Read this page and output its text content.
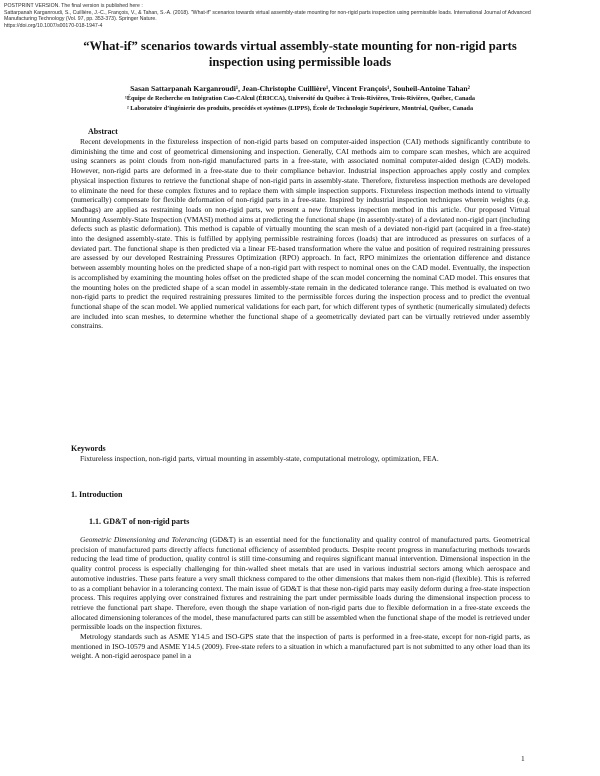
POSTPRINT VERSION. The final version is published here :
Sattarpanah Karganroudi, S., Cuillière, J.-C., François, V., & Tahan, S.-A. (2018). "What-if" scenarios towards virtual assembly-state mounting for non-rigid parts inspection using permissible loads. International Journal of Advanced
Manufacturing Technology (Vol. 97, pp. 353-373). Springer Nature.
https://doi.org/10.1007/s00170-018-1947-4
“What-if” scenarios towards virtual assembly-state mounting for non-rigid parts inspection using permissible loads
Sasan Sattarpanah Karganroudi¹, Jean-Christophe Cuillière¹, Vincent François¹, Souheil-Antoine Tahan²
¹Équipe de Recherche en Intégration Cao-CAlcul (ÉRICCA), Université du Québec à Trois-Rivières, Trois-Rivières, Québec, Canada
² Laboratoire d’ingénierie des produits, procédés et systèmes (LIPPS), École de Technologie Supérieure, Montréal, Québec, Canada
Abstract
Recent developments in the fixtureless inspection of non-rigid parts based on computer-aided inspection (CAI) methods significantly contribute to diminishing the time and cost of geometrical dimensioning and inspection. Generally, CAI methods aim to compare scan meshes, which are acquired using scanners as point clouds from non-rigid manufactured parts in a free-state, with associated nominal computer-aided design (CAD) models. However, non-rigid parts are deformed in a free-state due to their compliance behavior. Industrial inspection approaches apply costly and complex physical inspection fixtures to retrieve the functional shape of non-rigid parts in assembly-state. Therefore, fixtureless inspection methods are developed to eliminate the need for these complex fixtures and to replace them with simple inspection supports. Fixtureless inspection methods intend to virtually (numerically) compensate for flexible deformation of non-rigid parts in a free-state. Inspired by industrial inspection techniques wherein weights (e.g. sandbags) are applied as restraining loads on non-rigid parts, we present a new fixtureless inspection method in this article. Our proposed Virtual Mounting Assembly-State Inspection (VMASI) method aims at predicting the functional shape (in assembly-state) of a deviated non-rigid part (including defects such as plastic deformation). This method is capable of virtually mounting the scan mesh of a deviated non-rigid part (acquired in a free-state) into the designed assembly-state. This is fulfilled by applying permissible restraining forces (loads) that are introduced as pressures on surfaces of a deviated part. The functional shape is then predicted via a linear FE-based transformation where the value and position of required restraining pressures are assessed by our developed Restraining Pressures Optimization (RPO) approach. In fact, RPO minimizes the orientation difference and distance between assembly mounting holes on the predicted shape of a non-rigid part with respect to nominal ones on the CAD model. Eventually, the inspection is accomplished by examining the mounting holes offset on the predicted shape of the scan model concerning the nominal CAD model. This ensures that the mounting holes on the predicted shape of a scan model in assembly-state remain in the dedicated tolerance range. This method is evaluated on two non-rigid parts to predict the required restraining pressures limited to the permissible forces during the inspection process and to predict the eventual functional shape of the scan model. We applied numerical validations for each part, for which different types of synthetic (numerically simulated) defects are included into scan meshes, to determine whether the functional shape of a geometrically deviated part can be virtually retrieved under assembly constrains.
Keywords
Fixtureless inspection, non-rigid parts, virtual mounting in assembly-state, computational metrology, optimization, FEA.
1. Introduction
1.1. GD&T of non-rigid parts
Geometric Dimensioning and Tolerancing (GD&T) is an essential need for the functionality and quality control of manufactured parts. Geometrical precision of manufactured parts directly affects functional efficiency of assembled products. Despite recent progress in manufacturing methods towards reducing the lead time of production, quality control is still time-consuming and requires significant manual intervention. Dimensional inspection in the quality control process is especially challenging for thin-walled sheet metals that are used in various industrial sectors among which aerospace and automotive industries. These parts feature a very small thickness compared to the other dimensions that makes them non-rigid (flexible). This is referred to as a compliant behavior in a tolerancing context. The main issue of GD&T is that these non-rigid parts may easily deform during a free-state inspection process. This requires applying over constrained fixtures and restraining the part under permissible loads during the dimensional inspection process to retrieve the functional part shape. Therefore, even though the shape variation of non-rigid parts due to flexible deformation in a free-state exceeds the allocated dimensioning tolerances of the model, these manufactured parts can still be assembled when the functional shape of the model is retrieved under permissible loads on the inspection fixtures.
Metrology standards such as ASME Y14.5 and ISO-GPS state that the inspection of parts is performed in a free-state, except for non-rigid parts, as mentioned in ISO-10579 and ASME Y14.5 (2009). Free-state refers to a situation in which a manufactured part is not submitted to any other load than its weight. A non-rigid aerospace panel in a
1
